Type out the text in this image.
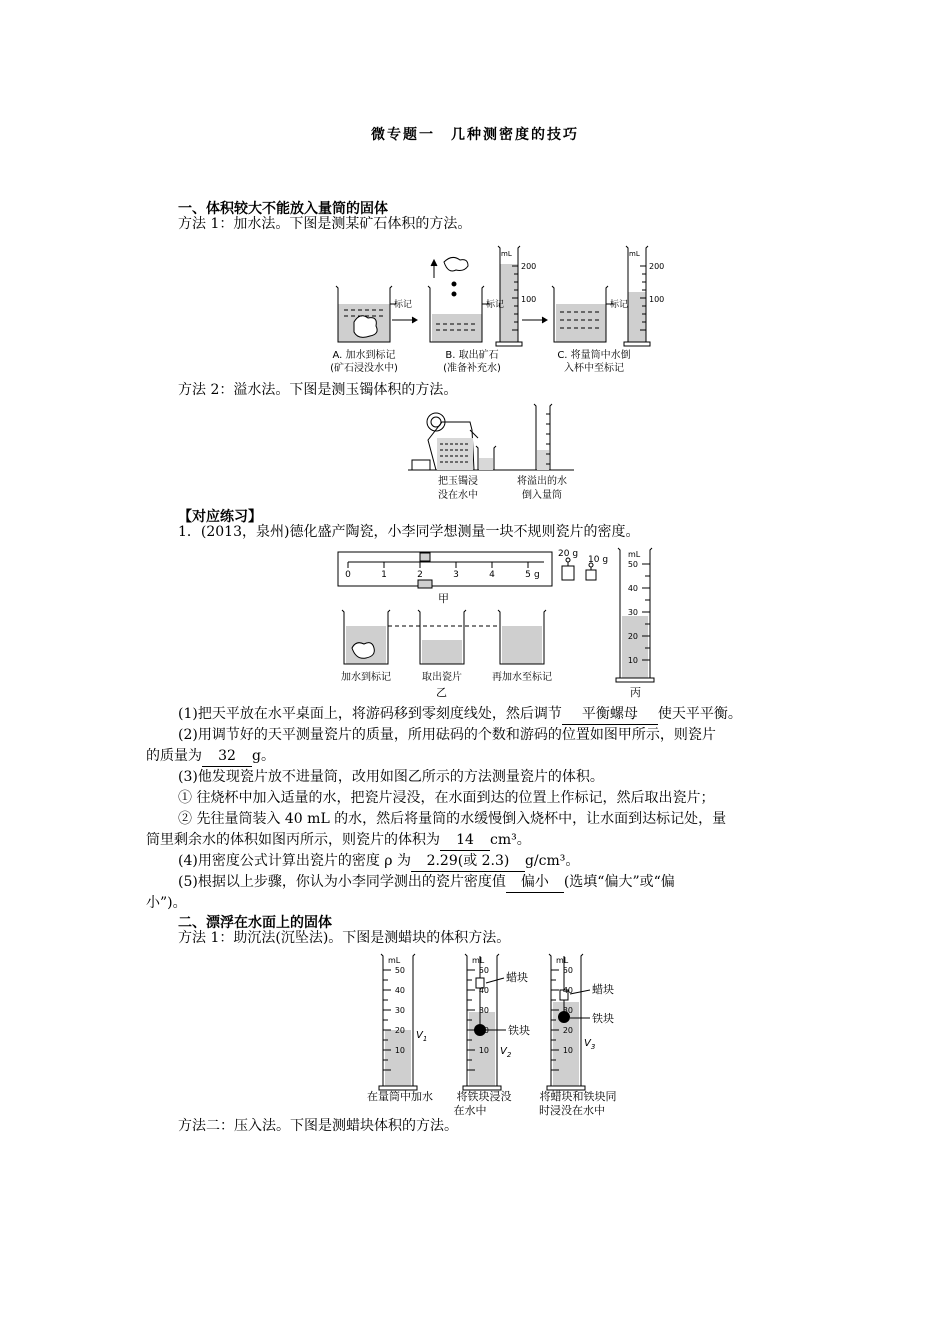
微专题一　几种测密度的技巧
一、体积较大不能放入量筒的固体
方法 1：加水法。下图是测某矿石体积的方法。
标记	标记	标记
mL
200
100
mL
200
100
A. 加水到标记
(矿石浸没水中)
B. 取出矿石
(准备补充水)
C. 将量筒中水倒
入杯中至标记
方法 2：溢水法。下图是测玉镯体积的方法。
把玉镯浸
没在水中
将溢出的水
倒入量筒
【对应练习】
1．(2013，泉州)德化盛产陶瓷，小李同学想测量一块不规则瓷片的密度。
0	1	2	3	4	5 g
20 g
10 g
甲
加水到标记	取出瓷片	再加水至标记
乙
mL
50
40
30
20
10
丙
(1)把天平放在水平桌面上，将游码移到零刻度线处，然后调节 平衡螺母 使天平平衡。
(2)用调节好的天平测量瓷片的质量，所用砝码的个数和游码的位置如图甲所示，则瓷片
的质量为 32 g。
(3)他发现瓷片放不进量筒，改用如图乙所示的方法测量瓷片的体积。
① 往烧杯中加入适量的水，把瓷片浸没，在水面到达的位置上作标记，然后取出瓷片；
② 先往量筒装入 40 mL 的水，然后将量筒的水缓慢倒入烧杯中，让水面到达标记处，量
筒里剩余水的体积如图丙所示，则瓷片的体积为 14 cm³。
(4)用密度公式计算出瓷片的密度 ρ 为 2.29(或 2.3) g/cm³。
(5)根据以上步骤，你认为小李同学测出的瓷片密度值 偏小 (选填“偏大”或“偏
小”)。
二、漂浮在水面上的固体
方法 1：助沉法(沉坠法)。下图是测蜡块的体积方法。
mL
50
40
30
20
10
mL
50
40
30
20
10
mL
50
40
30
20
10
$V_1$
$V_2$
$V_3$
蜡块
铁块
蜡块
铁块
在量筒中加水 将铁块浸没
在水中
将蜡块和铁块同
时浸没在水中
方法二：压入法。下图是测蜡块体积的方法。
